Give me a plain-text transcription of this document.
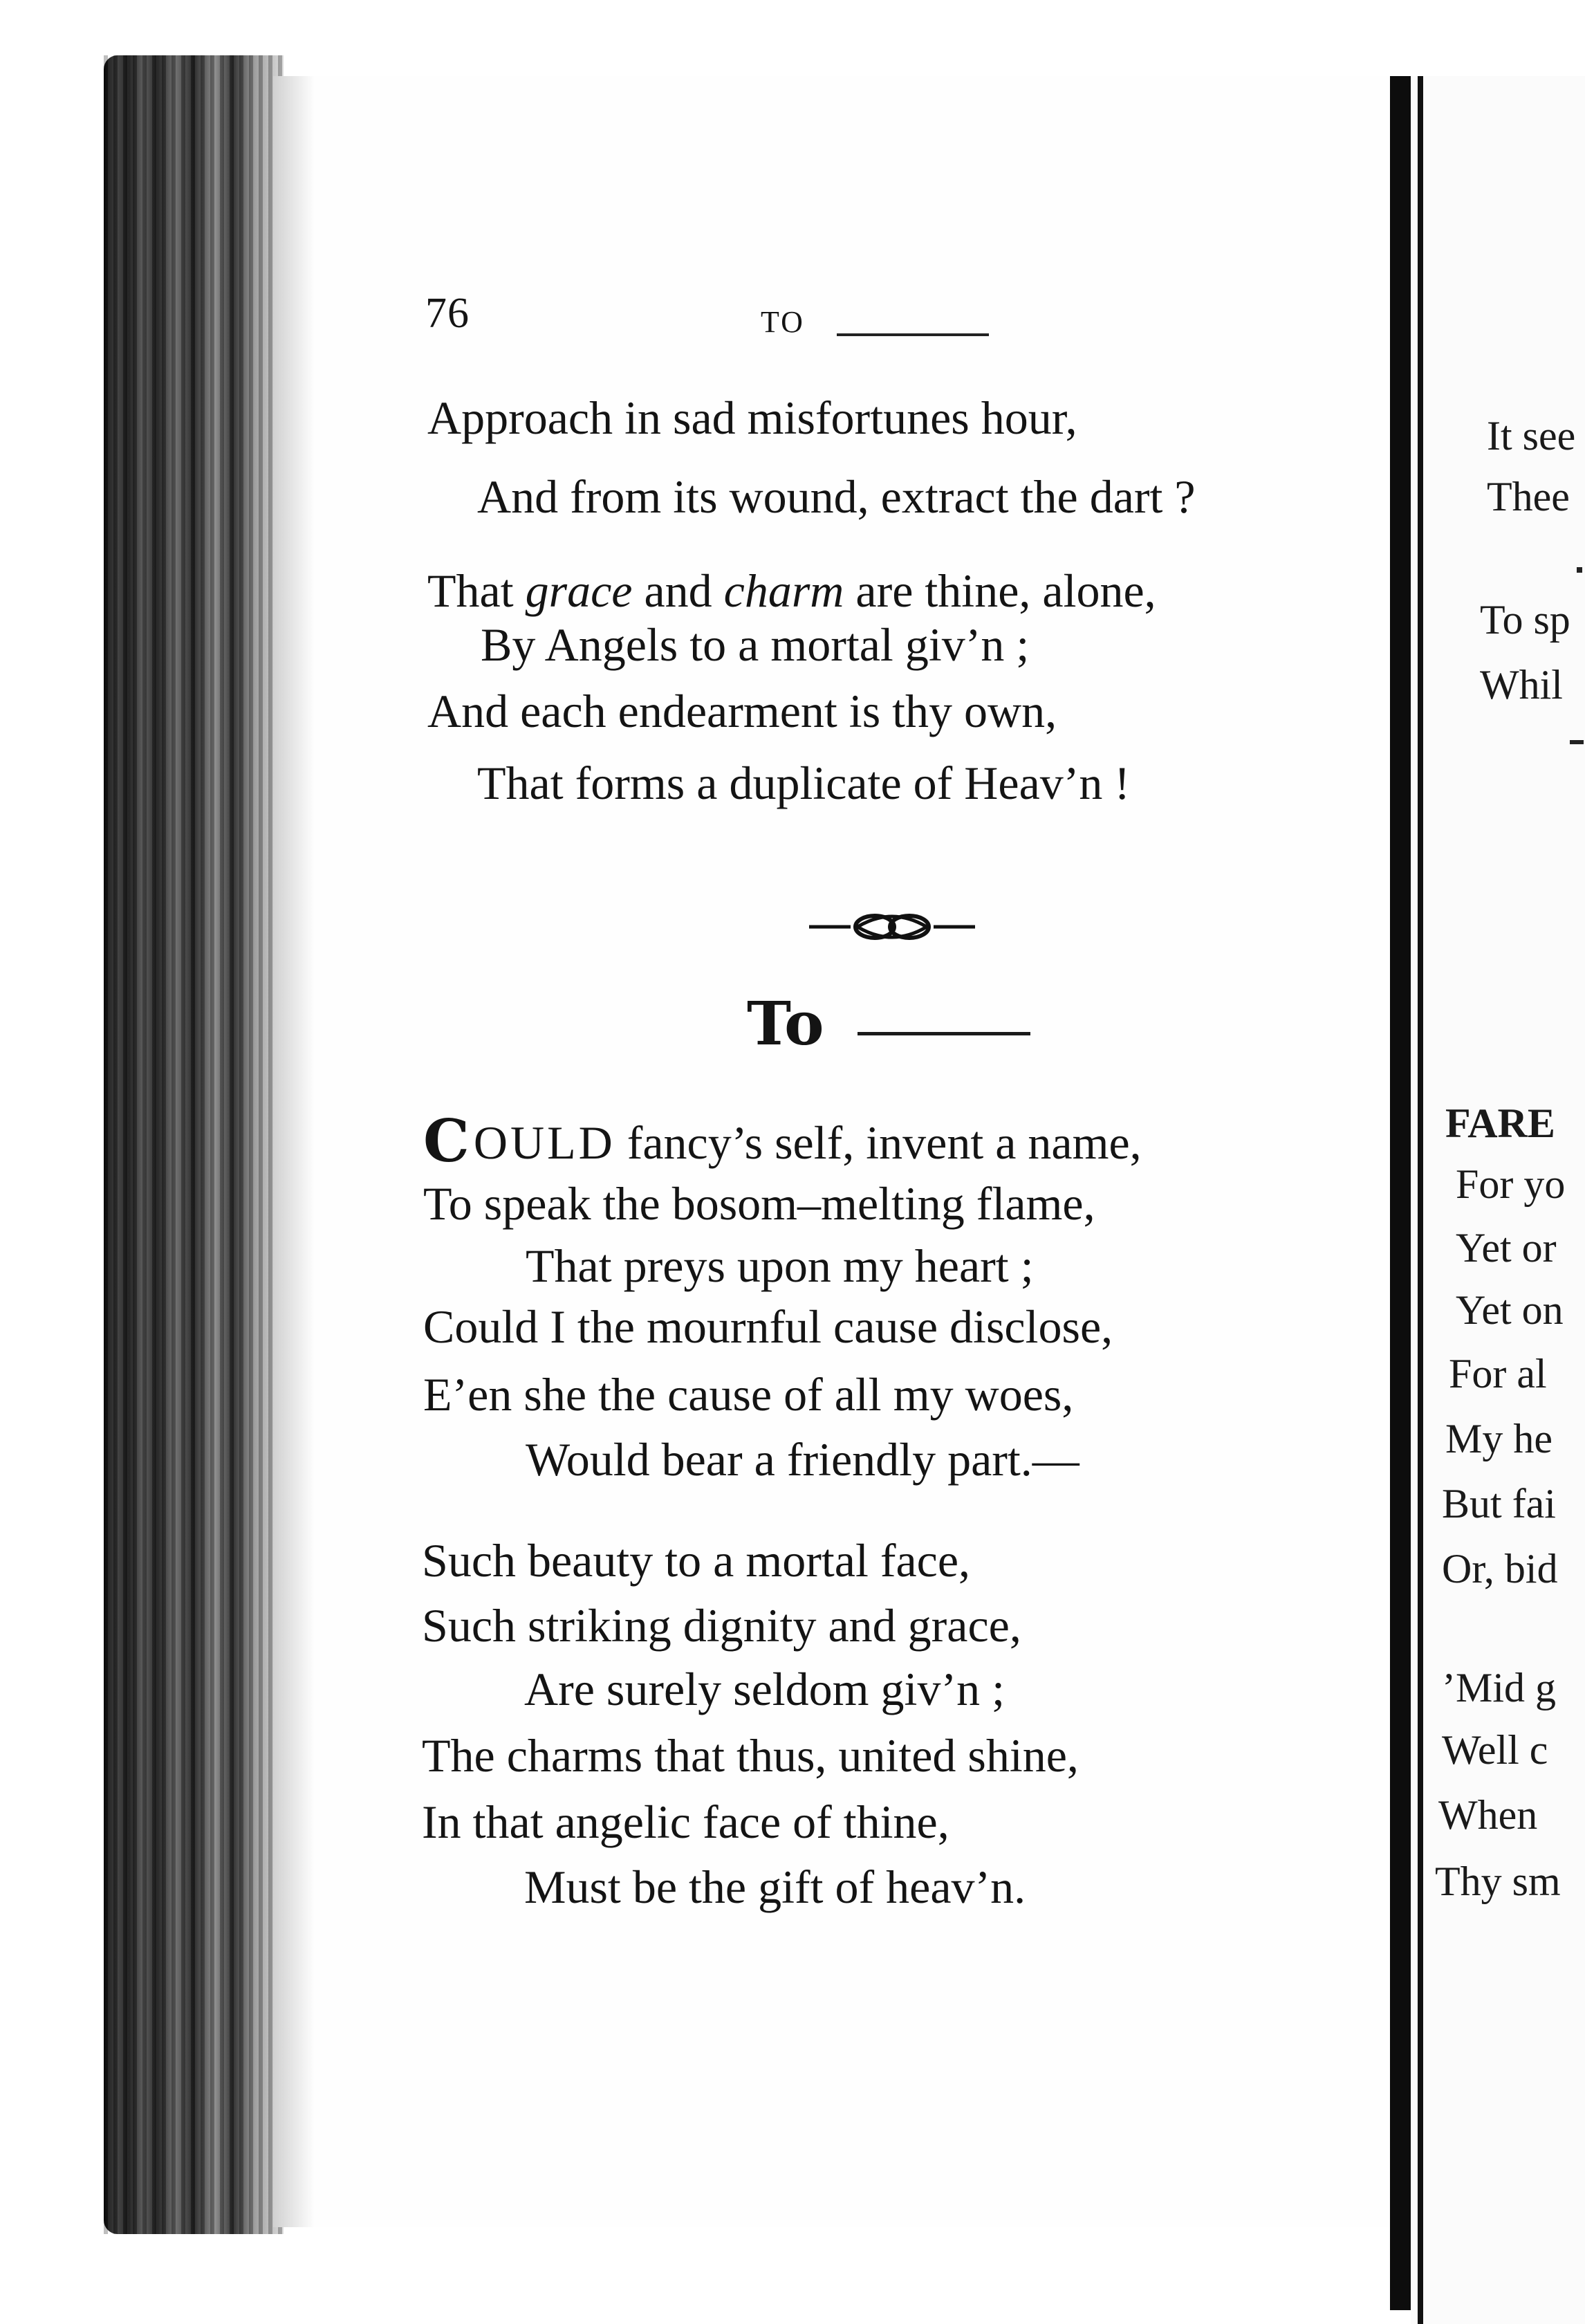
76	TO
Approach in sad misfortunes hour,
And from its wound, extract the dart ?
That grace and charm are thine, alone,
By Angels to a mortal giv’n ;
And each endearment is thy own,
That forms a duplicate of Heav’n !
To
COULD fancy’s self, invent a name,
To speak the bosom–melting flame,
That preys upon my heart ;
Could I the mournful cause disclose,
E’en she the cause of all my woes,
Would bear a friendly part.—
Such beauty to a mortal face,
Such striking dignity and grace,
Are surely seldom giv’n ;
The charms that thus, united shine,
In that angelic face of thine,
Must be the gift of heav’n.
It see
Thee
To sp
Whil
FARE
For yo
Yet or
Yet on
For al
My he
But fai
Or, bid
’Mid g
Well c
When
Thy sm
